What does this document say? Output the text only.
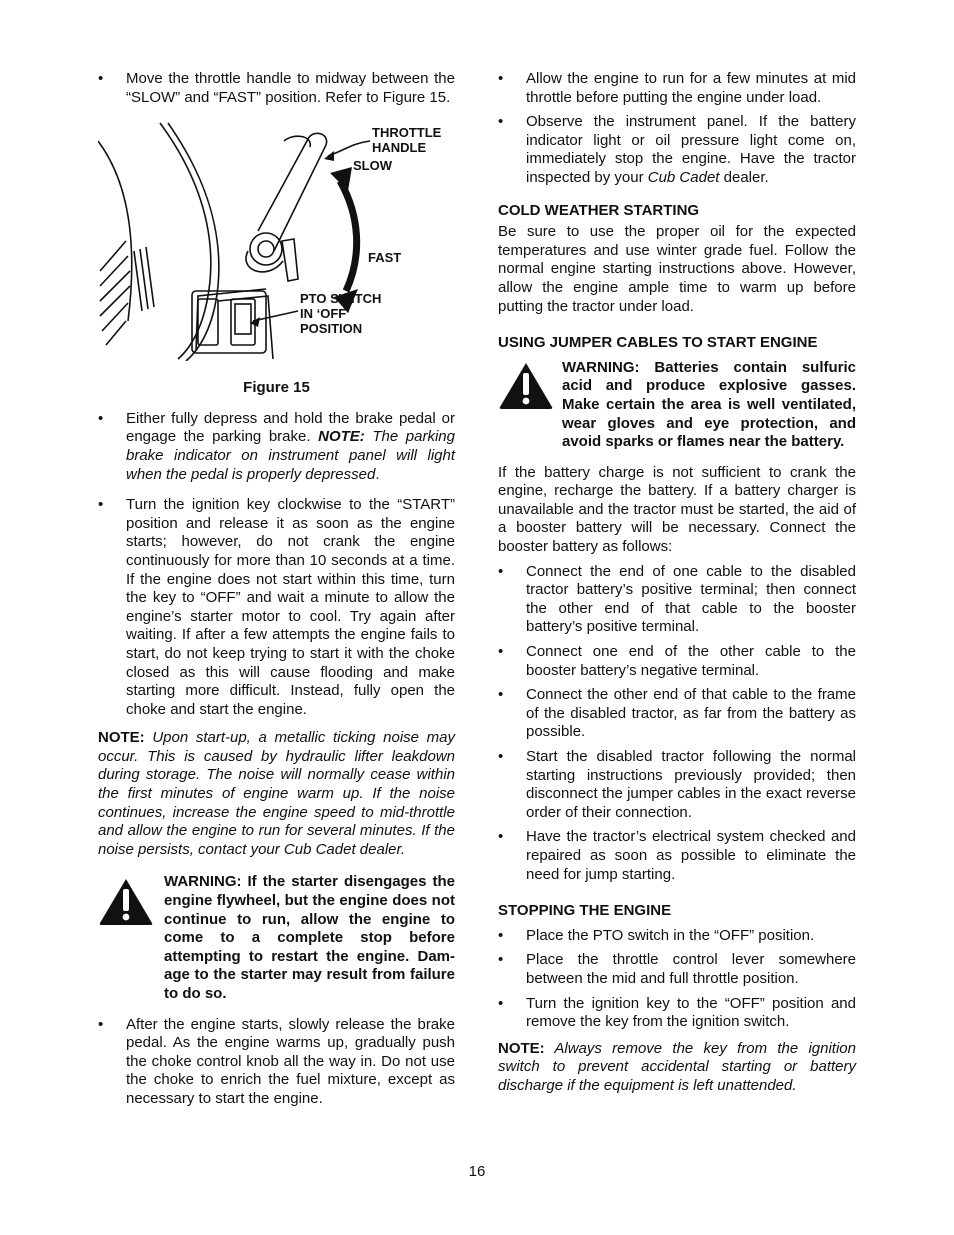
• Move the throttle handle to midway between the “SLOW” and “FAST” position. Refer to Figure 15.
THROTTLE
HANDLE
SLOW
FAST
PTO SWITCH
IN ‘OFF’
POSITION

Figure 15

• Either fully depress and hold the brake pedal or engage the parking brake. NOTE: The parking brake indicator on instrument panel will light when the pedal is properly depressed.
• Turn the ignition key clockwise to the “START” position and release it as soon as the engine starts; however, do not crank the engine continuously for more than 10 seconds at a time. If the engine does not start within this time, turn the key to “OFF” and wait a minute to allow the engine’s starter motor to cool. Try again after waiting. If after a few attempts the engine fails to start, do not keep trying to start it with the choke closed as this will cause flooding and make starting more difficult. Instead, fully open the choke and start the engine.

NOTE: Upon start-up, a metallic ticking noise may occur. This is caused by hydraulic lifter leakdown during storage. The noise will normally cease within the first minutes of engine warm up. If the noise continues, increase the engine speed to mid-throttle and allow the engine to run for several minutes. If the noise persists, contact your Cub Cadet dealer.

WARNING: If the starter disengages the engine flywheel, but the engine does not continue to run, allow the engine to come to a complete stop before attempting to restart the engine. Dam-age to the starter may result from failure to do so.
• After the engine starts, slowly release the brake pedal. As the engine warms up, gradually push the choke control knob all the way in. Do not use the choke to enrich the fuel mixture, except as necessary to start the engine.
• Allow the engine to run for a few minutes at mid throttle before putting the engine under load.
• Observe the instrument panel. If the battery indicator light or oil pressure light come on, immediately stop the engine. Have the tractor inspected by your Cub Cadet dealer.

COLD WEATHER STARTING

Be sure to use the proper oil for the expected temperatures and use winter grade fuel. Follow the normal engine starting instructions above. However, allow the engine ample time to warm up before putting the tractor under load.

USING JUMPER CABLES TO START ENGINE

WARNING: Batteries contain sulfuric acid and produce explosive gasses. Make certain the area is well ventilated, wear gloves and eye protection, and avoid sparks or flames near the battery.

If the battery charge is not sufficient to crank the engine, recharge the battery. If a battery charger is unavailable and the tractor must be started, the aid of a booster battery will be necessary. Connect the booster battery as follows:

• Connect the end of one cable to the disabled tractor battery’s positive terminal; then connect the other end of that cable to the booster battery’s positive terminal.
• Connect one end of the other cable to the booster battery’s negative terminal.
• Connect the other end of that cable to the frame of the disabled tractor, as far from the battery as possible.
• Start the disabled tractor following the normal starting instructions previously provided; then disconnect the jumper cables in the exact reverse order of their connection.
• Have the tractor’s electrical system checked and repaired as soon as possible to eliminate the need for jump starting.

STOPPING THE ENGINE

• Place the PTO switch in the “OFF” position.
• Place the throttle control lever somewhere between the mid and full throttle position.
• Turn the ignition key to the “OFF” position and remove the key from the ignition switch.

NOTE: Always remove the key from the ignition switch to prevent accidental starting or battery discharge if the equipment is left unattended.

16
